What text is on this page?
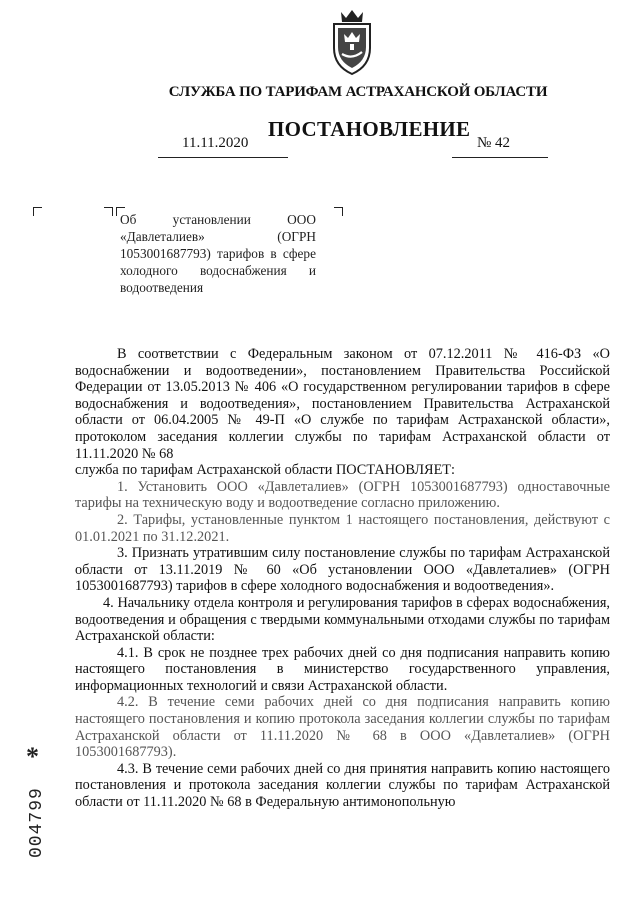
СЛУЖБА ПО ТАРИФАМ АСТРАХАНСКОЙ ОБЛАСТИ
ПОСТАНОВЛЕНИЕ
11.11.2020	№ 42
Об установлении ООО «Давлеталиев» (ОГРН 1053001687793) тарифов в сфере холодного водоснабжения и
водоотведения

В соответствии с Федеральным законом от 07.12.2011 № 416-ФЗ «О водоснабжении и водоотведении», постановлением Правительства Российской Федерации от 13.05.2013 № 406 «О государственном регулировании тарифов в сфере водоснабжения и водоотведения», постановлением Правительства Астраханской области от 06.04.2005 № 49-П «О службе по тарифам Астраханской области», протоколом заседания коллегии службы по тарифам Астраханской области от 11.11.2020 № 68

служба по тарифам Астраханской области ПОСТАНОВЛЯЕТ:

1. Установить ООО «Давлеталиев» (ОГРН 1053001687793) одноставочные тарифы на техническую воду и водоотведение согласно приложению.

2. Тарифы, установленные пунктом 1 настоящего постановления, действуют с 01.01.2021 по 31.12.2021.

3. Признать утратившим силу постановление службы по тарифам Астраханской области от 13.11.2019 № 60 «Об установлении ООО «Давлеталиев» (ОГРН 1053001687793) тарифов в сфере холодного водоснабжения и водоотведения».

4. Начальнику отдела контроля и регулирования тарифов в сферах водоснабжения, водоотведения и обращения с твердыми коммунальными отходами службы по тарифам Астраханской области:

4.1. В срок не позднее трех рабочих дней со дня подписания направить копию настоящего постановления в министерство государственного управления, информационных технологий и связи Астраханской области.

4.2. В течение семи рабочих дней со дня подписания направить копию настоящего постановления и копию протокола заседания коллегии службы по тарифам Астраханской области от 11.11.2020 № 68 в ООО «Давлеталиев» (ОГРН 1053001687793).

4.3. В течение семи рабочих дней со дня принятия направить копию настоящего постановления и протокола заседания коллегии службы по тарифам Астраханской области от 11.11.2020 № 68 в Федеральную антимонопольную

*
004799
